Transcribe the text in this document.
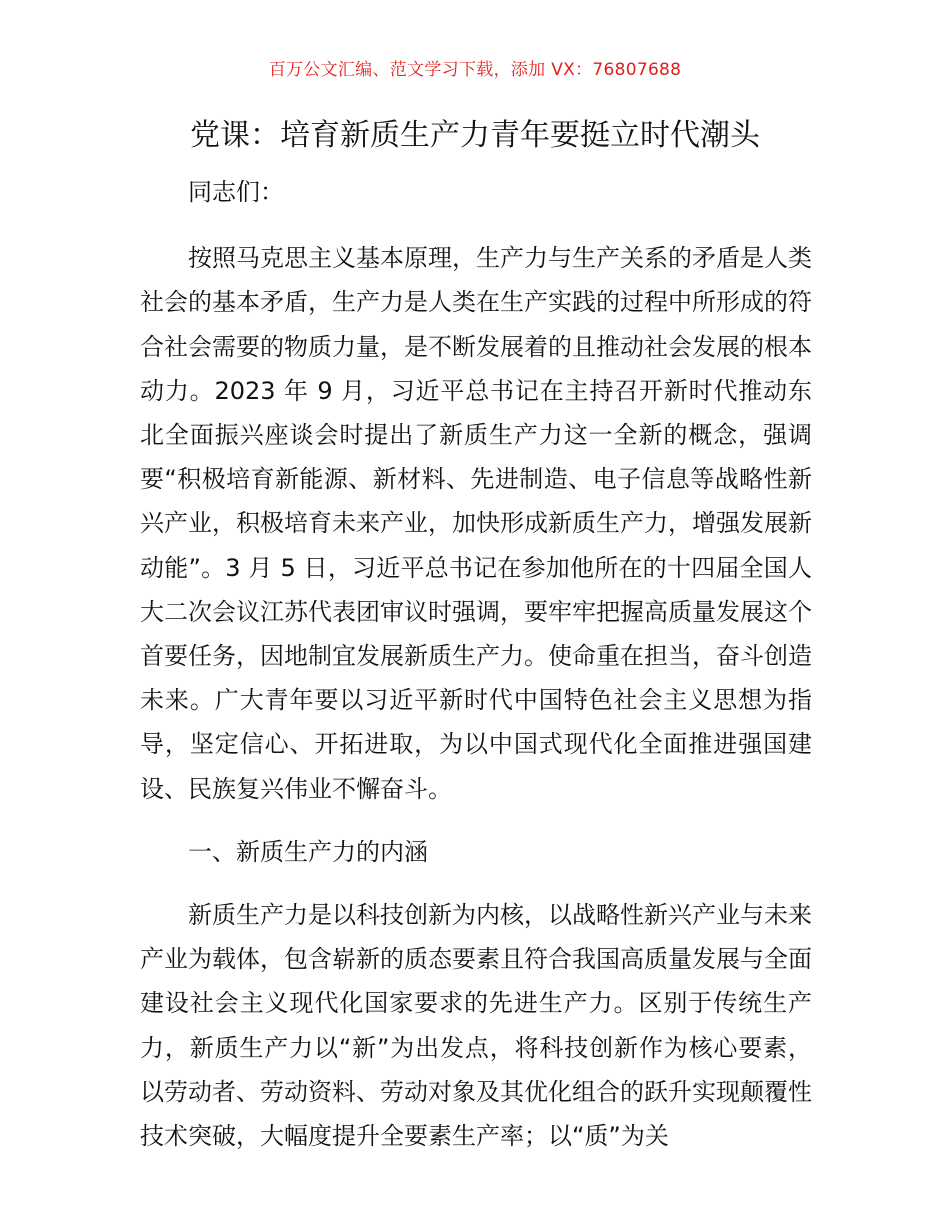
百万公文汇编、范文学习下载，添加 VX：76807688
党课：培育新质生产力青年要挺立时代潮头

同志们：

按照马克思主义基本原理，生产力与生产关系的矛盾是人类社会的基本矛盾，生产力是人类在生产实践的过程中所形成的符合社会需要的物质力量，是不断发展着的且推动社会发展的根本动力。2023 年 9 月，习近平总书记在主持召开新时代推动东北全面振兴座谈会时提出了新质生产力这一全新的概念，强调要“积极培育新能源、新材料、先进制造、电子信息等战略性新兴产业，积极培育未来产业，加快形成新质生产力，增强发展新动能”。3 月 5 日，习近平总书记在参加他所在的十四届全国人大二次会议江苏代表团审议时强调，要牢牢把握高质量发展这个首要任务，因地制宜发展新质生产力。使命重在担当，奋斗创造未来。广大青年要以习近平新时代中国特色社会主义思想为指导，坚定信心、开拓进取，为以中国式现代化全面推进强国建设、民族复兴伟业不懈奋斗。

一、新质生产力的内涵

新质生产力是以科技创新为内核，以战略性新兴产业与未来产业为载体，包含崭新的质态要素且符合我国高质量发展与全面建设社会主义现代化国家要求的先进生产力。区别于传统生产力，新质生产力以“新”为出发点，将科技创新作为核心要素，以劳动者、劳动资料、劳动对象及其优化组合的跃升实现颠覆性技术突破，大幅度提升全要素生产率；以“质”为关
